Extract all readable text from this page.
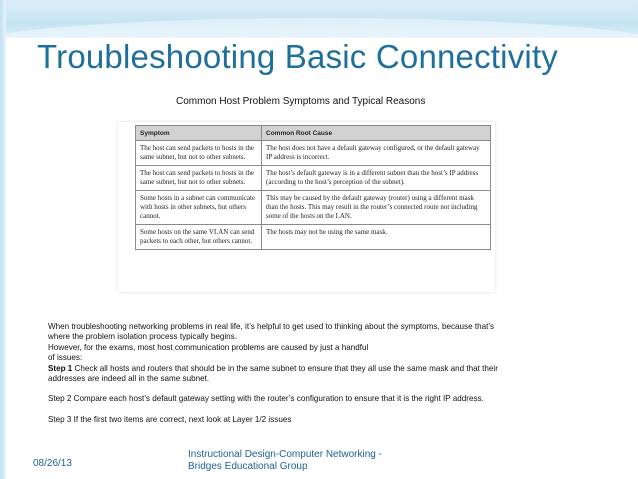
Troubleshooting Basic Connectivity
Common Host Problem Symptoms and Typical Reasons
Symptom	Common Root Cause
The host can send packets to hosts in the same subnet, but not to other subnets.	The host does not have a default gateway configured, or the default gateway IP address is incorrect.
The host can send packets to hosts in the same subnet, but not to other subnets.	The host’s default gateway is in a different subnet than the host’s IP address (according to the host’s perception of the subnet).
Some hosts in a subnet can communicate with hosts in other subnets, but others cannot.	This may be caused by the default gateway (router) using a different mask than the hosts. This may result in the router’s connected route not including some of the hosts on the LAN.
Some hosts on the same VLAN can send packets to each other, but others cannot.	The hosts may not be using the same mask.

When troubleshooting networking problems in real life, it’s helpful to get used to thinking about the symptoms, because that’s

where the problem isolation process typically begins.

However, for the exams, most host communication problems are caused by just a handful

of issues:

Step 1 Check all hosts and routers that should be in the same subnet to ensure that they all use the same mask and that their

addresses are indeed all in the same subnet.

Step 2 Compare each host’s default gateway setting with the router’s configuration to ensure that it is the right IP address.

Step 3 If the first two items are correct, next look at Layer 1/2 issues

08/26/13
Instructional Design-Computer Networking -
Bridges Educational Group
